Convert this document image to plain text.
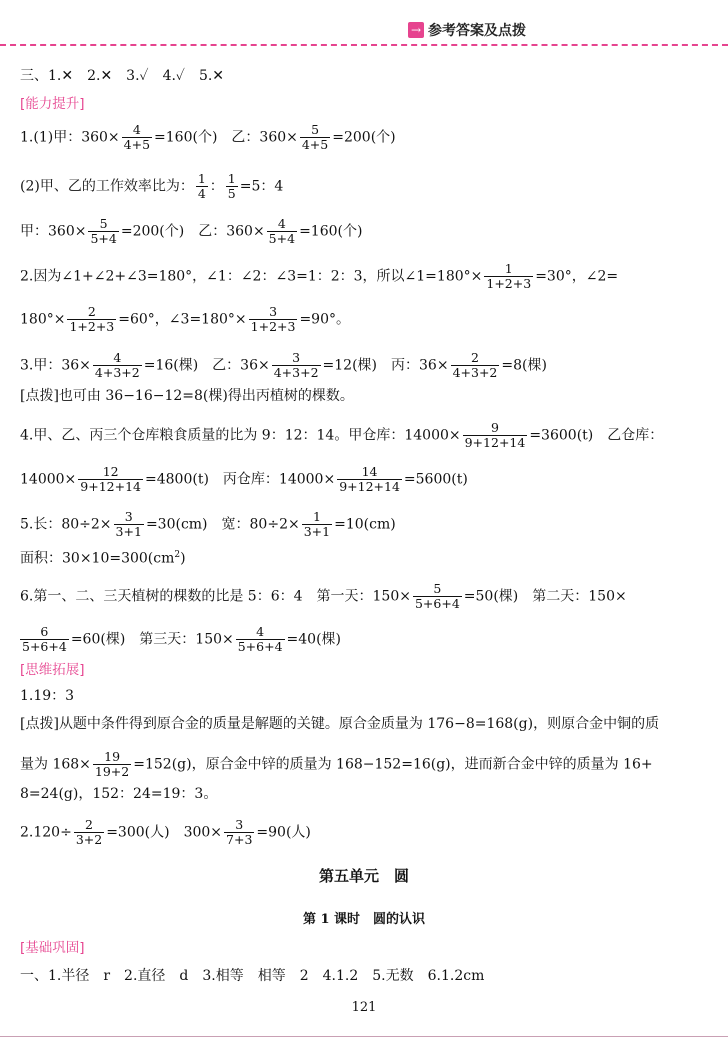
→ 参考答案及点拨
三、1.✕　2.✕　3.✓　4.✓　5.✕
[能力提升]
1.(1)甲：$360\times \frac{4}{4+5} =160$(个)　乙：$360\times \frac{5}{4+5} =200$(个)
(2)甲、乙的工作效率比为： $\frac{1}{4}$ ： $\frac{1}{5} =5$：4
甲：$360\times \frac{5}{5+4} =200$(个)　乙：$360\times \frac{4}{5+4} =160$(个)
2.因为∠1+∠2+∠3=180°，∠1：∠2：∠3=1：2：3，所以∠1=180°× $\frac{1}{1+2+3} =30^\circ$，∠2=
$180^\circ\times \frac{2}{1+2+3} =60^\circ$，∠3=180°× $\frac{3}{1+2+3} =90^\circ$。
3.甲：$36\times \frac{4}{4+3+2} =16$(棵)　乙：$36\times \frac{3}{4+3+2} =12$(棵)　丙：$36\times \frac{2}{4+3+2} =8$(棵)
[点拨]也可由 36−16−12=8(棵)得出丙植树的棵数。
4.甲、乙、丙三个仓库粮食质量的比为 9：12：14。甲仓库：$14000\times \frac{9}{9+12+14} =3600(t)$　乙仓库：
$14000\times \frac{12}{9+12+14} =4800(t)$　丙仓库：$14000\times \frac{14}{9+12+14} =5600(t)$
5.长：$80\div 2\times \frac{3}{3+1} =30(cm)$　宽：$80\div 2\times \frac{1}{3+1} =10(cm)$
面积：$30\times 10=300(cm^2)$
6.第一、二、三天植树的棵数的比是 5：6：4　第一天：$150\times \frac{5}{5+6+4} =50$(棵)　第二天：150×
$\frac{6}{5+6+4} =60$(棵)　第三天：$150\times \frac{4}{5+6+4} =40$(棵)
[思维拓展]
1.19：3
[点拨]从题中条件得到原合金的质量是解题的关键。原合金质量为 176−8=168(g)，则原合金中铜的质
量为 $168\times \frac{19}{19+2} =152(g)$，原合金中锌的质量为 168−152=16(g)，进而新合金中锌的质量为 16+
8=24(g)，152：24=19：3。
$2.120\div \frac{2}{3+2} =300$(人)　$300\times \frac{3}{7+3} =90$(人)
第五单元　圆
第 1 课时　圆的认识
[基础巩固]
一、1.半径　r　2.直径　d　3.相等　相等　2　4.1.2　5.无数　6.1.2cm
121
